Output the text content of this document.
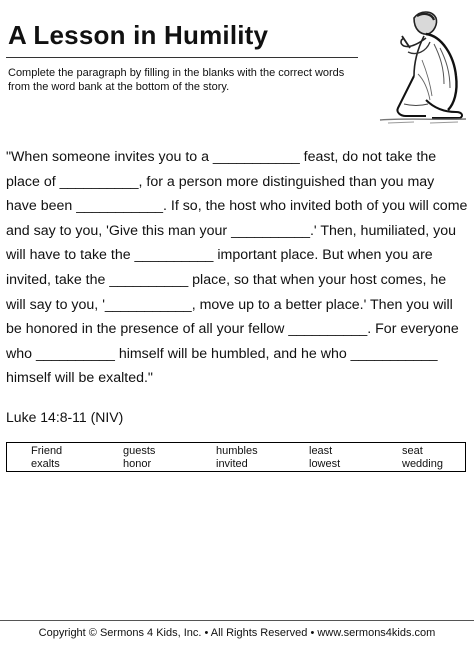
A Lesson in Humility

Complete the paragraph by filling in the blanks with the correct words from the word bank at the bottom of the story.

"When someone invites you to a ___________ feast, do not take the place of __________, for a person more distinguished than you may have been ___________. If so, the host who invited both of you will come and say to you, 'Give this man your __________.' Then, humiliated, you will have to take the __________ important place. But when you are invited, take the __________ place, so that when your host comes, he will say to you, '___________, move up to a better place.' Then you will be honored in the presence of all your fellow __________. For everyone who __________ himself will be humbled, and he who ___________ himself will be exalted."

Luke 14:8-11 (NIV)

Friend	guests	humbles	least	seat
exalts	honor	invited	lowest	wedding

Copyright © Sermons 4 Kids, Inc. • All Rights Reserved • www.sermons4kids.com
